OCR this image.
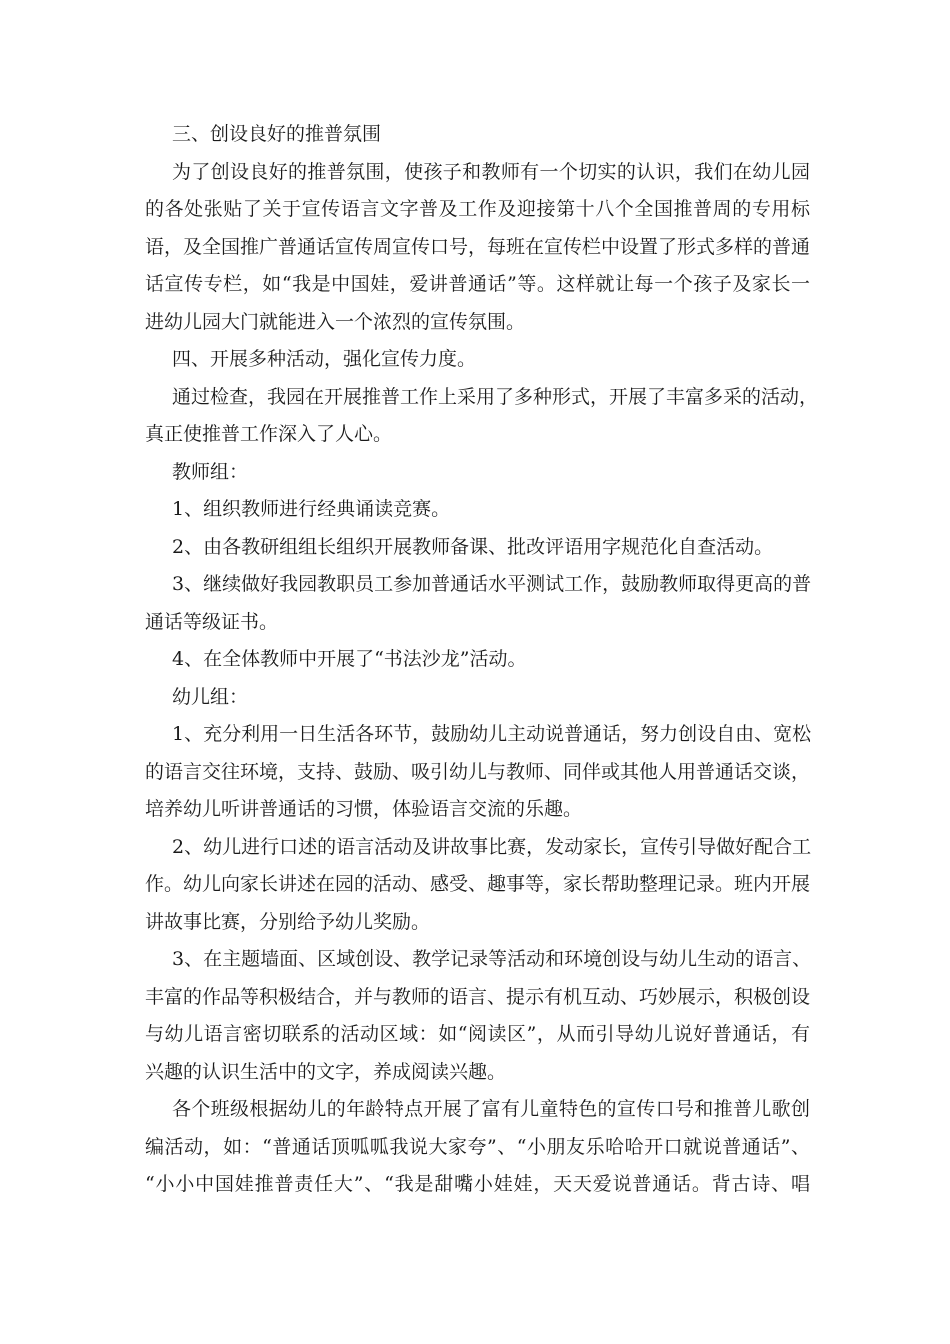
三、创设良好的推普氛围
为了创设良好的推普氛围，使孩子和教师有一个切实的认识，我们在幼儿园
的各处张贴了关于宣传语言文字普及工作及迎接第十八个全国推普周的专用标
语，及全国推广普通话宣传周宣传口号，每班在宣传栏中设置了形式多样的普通
话宣传专栏，如“我是中国娃，爱讲普通话”等。这样就让每一个孩子及家长一
进幼儿园大门就能进入一个浓烈的宣传氛围。
四、开展多种活动，强化宣传力度。
通过检查，我园在开展推普工作上采用了多种形式，开展了丰富多采的活动，
真正使推普工作深入了人心。
教师组：
1、组织教师进行经典诵读竞赛。
2、由各教研组组长组织开展教师备课、批改评语用字规范化自查活动。
3、继续做好我园教职员工参加普通话水平测试工作，鼓励教师取得更高的普
通话等级证书。
4、在全体教师中开展了“书法沙龙”活动。
幼儿组：
1、充分利用一日生活各环节，鼓励幼儿主动说普通话，努力创设自由、宽松
的语言交往环境，支持、鼓励、吸引幼儿与教师、同伴或其他人用普通话交谈，
培养幼儿听讲普通话的习惯，体验语言交流的乐趣。
2、幼儿进行口述的语言活动及讲故事比赛，发动家长，宣传引导做好配合工
作。幼儿向家长讲述在园的活动、感受、趣事等，家长帮助整理记录。班内开展
讲故事比赛，分别给予幼儿奖励。
3、在主题墙面、区域创设、教学记录等活动和环境创设与幼儿生动的语言、
丰富的作品等积极结合，并与教师的语言、提示有机互动、巧妙展示，积极创设
与幼儿语言密切联系的活动区域：如“阅读区”，从而引导幼儿说好普通话，有
兴趣的认识生活中的文字，养成阅读兴趣。
各个班级根据幼儿的年龄特点开展了富有儿童特色的宣传口号和推普儿歌创
编活动，如：“普通话顶呱呱我说大家夸”、“小朋友乐哈哈开口就说普通话”、
“小小中国娃推普责任大”、“我是甜嘴小娃娃，天天爱说普通话。背古诗、唱
